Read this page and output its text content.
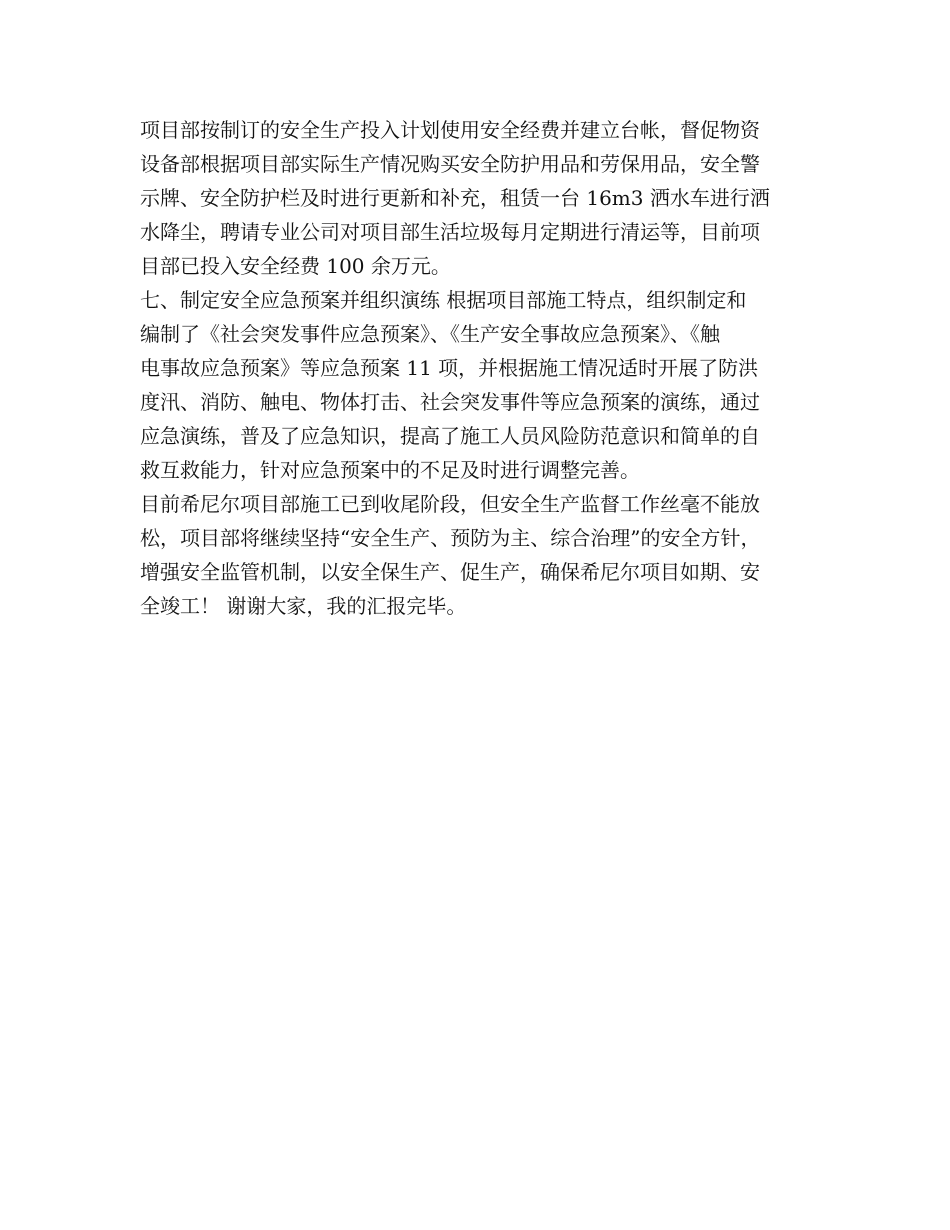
项目部按制订的安全生产投入计划使用安全经费并建立台帐，督促物资
设备部根据项目部实际生产情况购买安全防护用品和劳保用品，安全警
示牌、安全防护栏及时进行更新和补充，租赁一台 16m3 洒水车进行洒
水降尘，聘请专业公司对项目部生活垃圾每月定期进行清运等，目前项
目部已投入安全经费 100 余万元。
七、制定安全应急预案并组织演练 根据项目部施工特点，组织制定和
编制了《社会突发事件应急预案》、《生产安全事故应急预案》、《触
电事故应急预案》等应急预案 11 项，并根据施工情况适时开展了防洪
度汛、消防、触电、物体打击、社会突发事件等应急预案的演练，通过
应急演练，普及了应急知识，提高了施工人员风险防范意识和简单的自
救互救能力，针对应急预案中的不足及时进行调整完善。
目前希尼尔项目部施工已到收尾阶段，但安全生产监督工作丝毫不能放
松，项目部将继续坚持“安全生产、预防为主、综合治理”的安全方针，
增强安全监管机制，以安全保生产、促生产，确保希尼尔项目如期、安
全竣工！ 谢谢大家，我的汇报完毕。
